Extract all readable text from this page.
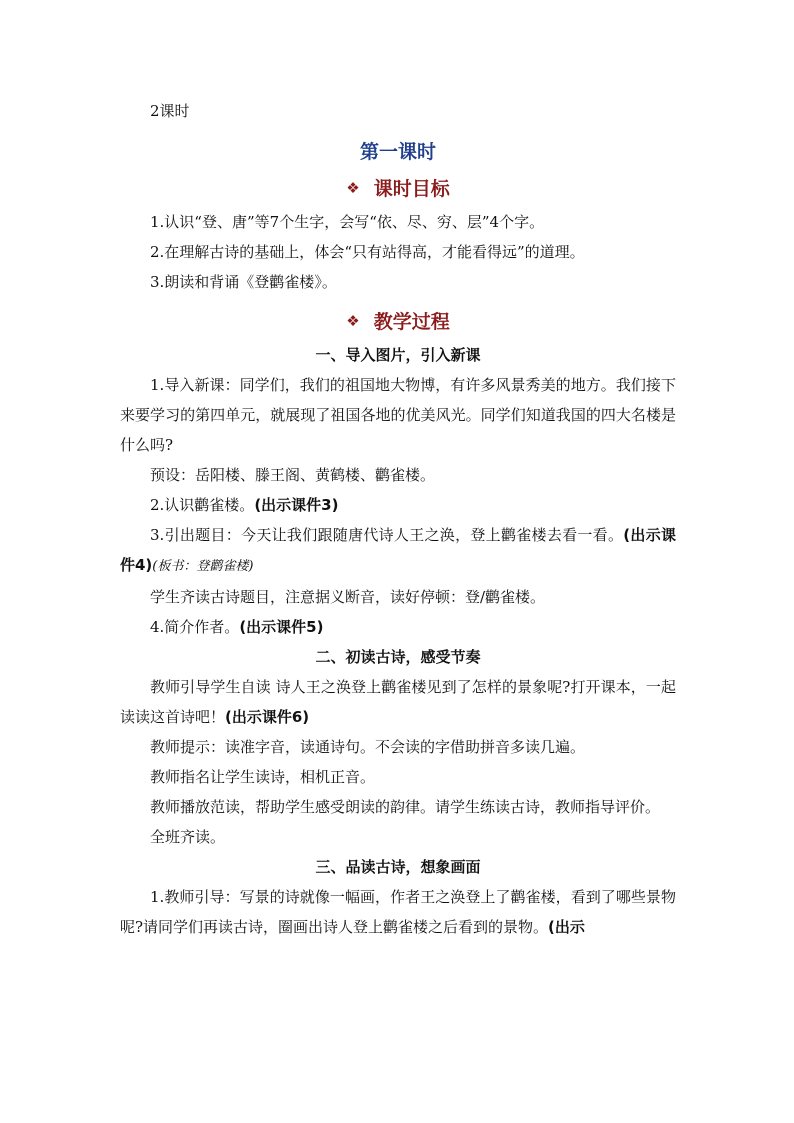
2课时
第一课时
❖ 课时目标
1.认识“登、唐”等7个生字，会写“依、尽、穷、层”4个字。
2.在理解古诗的基础上，体会“只有站得高，才能看得远”的道理。
3.朗读和背诵《登鹳雀楼》。
❖ 教学过程
一、导入图片，引入新课
1.导入新课：同学们，我们的祖国地大物博，有许多风景秀美的地方。我们接下来要学习的第四单元，就展现了祖国各地的优美风光。同学们知道我国的四大名楼是什么吗?
预设：岳阳楼、滕王阁、黄鹤楼、鹳雀楼。
2.认识鹳雀楼。(出示课件3)
3.引出题目：今天让我们跟随唐代诗人王之涣，登上鹳雀楼去看一看。(出示课件4)(板书：登鹳雀楼)
学生齐读古诗题目，注意据义断音，读好停顿：登/鹳雀楼。
4.简介作者。(出示课件5)
二、初读古诗，感受节奏
教师引导学生自读 诗人王之涣登上鹳雀楼见到了怎样的景象呢?打开课本，一起读读这首诗吧！(出示课件6)
教师提示：读准字音，读通诗句。不会读的字借助拼音多读几遍。
教师指名让学生读诗，相机正音。
教师播放范读，帮助学生感受朗读的韵律。请学生练读古诗，教师指导评价。
全班齐读。
三、品读古诗，想象画面
1.教师引导：写景的诗就像一幅画，作者王之涣登上了鹳雀楼，看到了哪些景物呢?请同学们再读古诗，圈画出诗人登上鹳雀楼之后看到的景物。(出示
